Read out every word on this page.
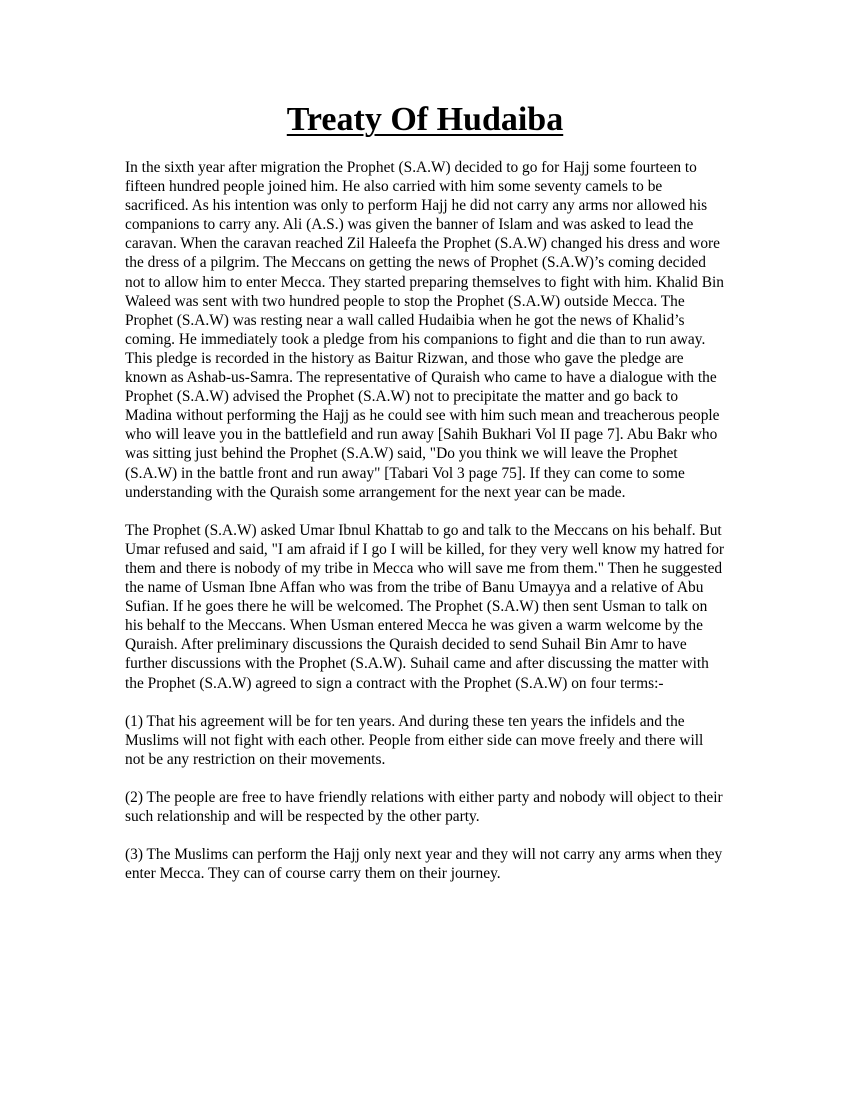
Treaty Of Hudaiba

In the sixth year after migration the Prophet (S.A.W) decided to go for Hajj some fourteen to fifteen hundred people joined him. He also carried with him some seventy camels to be sacrificed. As his intention was only to perform Hajj he did not carry any arms nor allowed his companions to carry any. Ali (A.S.) was given the banner of Islam and was asked to lead the caravan. When the caravan reached Zil Haleefa the Prophet (S.A.W) changed his dress and wore the dress of a pilgrim. The Meccans on getting the news of Prophet (S.A.W)’s coming decided not to allow him to enter Mecca. They started preparing themselves to fight with him. Khalid Bin Waleed was sent with two hundred people to stop the Prophet (S.A.W) outside Mecca. The Prophet (S.A.W) was resting near a wall called Hudaibia when he got the news of Khalid’s coming. He immediately took a pledge from his companions to fight and die than to run away. This pledge is recorded in the history as Baitur Rizwan, and those who gave the pledge are known as Ashab-us-Samra. The representative of Quraish who came to have a dialogue with the Prophet (S.A.W) advised the Prophet (S.A.W) not to precipitate the matter and go back to Madina without performing the Hajj as he could see with him such mean and treacherous people who will leave you in the battlefield and run away [Sahih Bukhari Vol II page 7]. Abu Bakr who was sitting just behind the Prophet (S.A.W) said, "Do you think we will leave the Prophet (S.A.W) in the battle front and run away" [Tabari Vol 3 page 75]. If they can come to some understanding with the Quraish some arrangement for the next year can be made.

The Prophet (S.A.W) asked Umar Ibnul Khattab to go and talk to the Meccans on his behalf. But Umar refused and said, "I am afraid if I go I will be killed, for they very well know my hatred for them and there is nobody of my tribe in Mecca who will save me from them." Then he suggested the name of Usman Ibne Affan who was from the tribe of Banu Umayya and a relative of Abu Sufian. If he goes there he will be welcomed. The Prophet (S.A.W) then sent Usman to talk on his behalf to the Meccans. When Usman entered Mecca he was given a warm welcome by the Quraish. After preliminary discussions the Quraish decided to send Suhail Bin Amr to have further discussions with the Prophet (S.A.W). Suhail came and after discussing the matter with the Prophet (S.A.W) agreed to sign a contract with the Prophet (S.A.W) on four terms:-

(1) That his agreement will be for ten years. And during these ten years the infidels and the Muslims will not fight with each other. People from either side can move freely and there will not be any restriction on their movements.

(2) The people are free to have friendly relations with either party and nobody will object to their such relationship and will be respected by the other party.

(3) The Muslims can perform the Hajj only next year and they will not carry any arms when they enter Mecca. They can of course carry them on their journey.
